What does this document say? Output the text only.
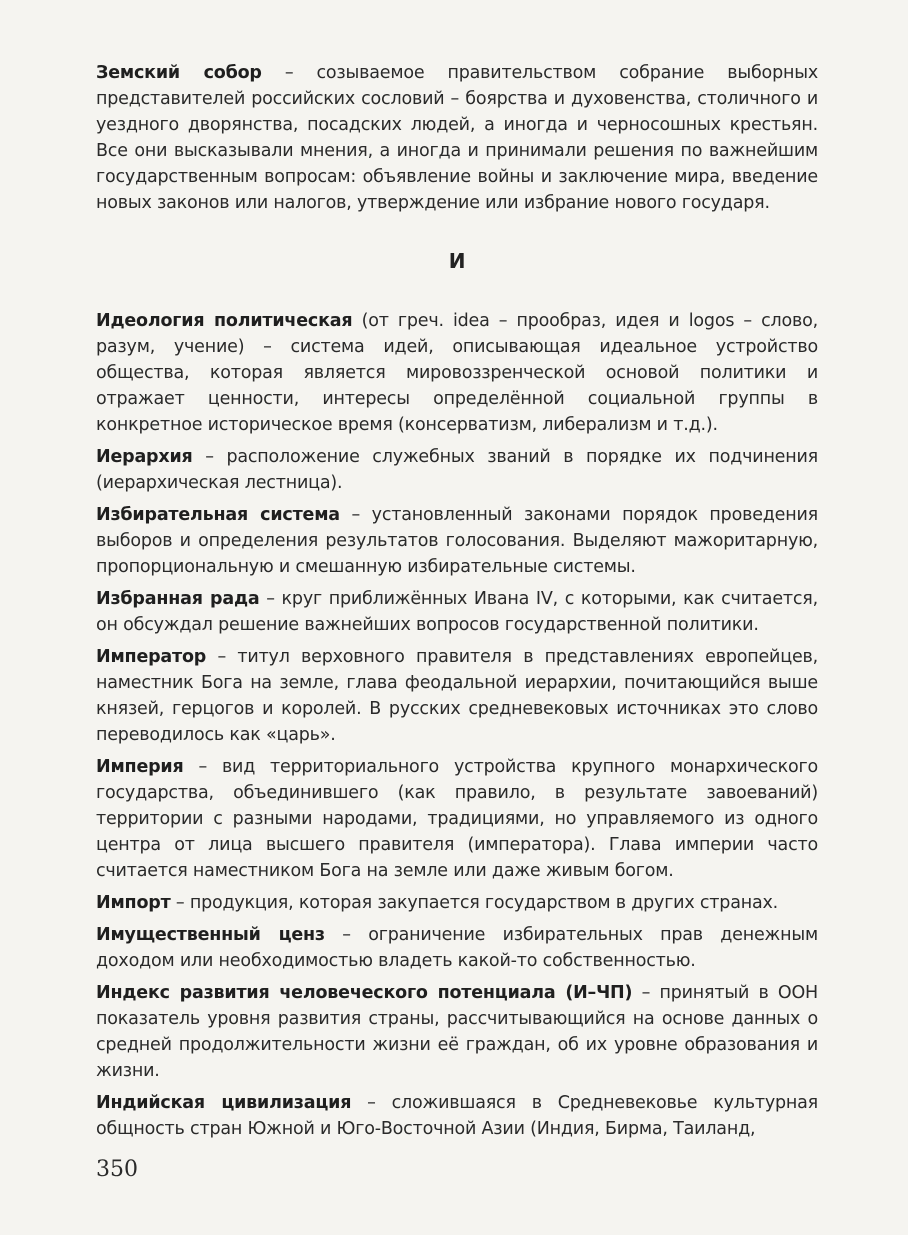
Земский собор – созываемое правительством собрание выборных представителей российских сословий – боярства и духовенства, столичного и уездного дворянства, посадских людей, а иногда и черносошных крестьян. Все они высказывали мнения, а иногда и принимали решения по важнейшим государственным вопросам: объявление войны и заключение мира, введение новых законов или налогов, утверждение или избрание нового государя.

И

Идеология политическая (от греч. idea – прообраз, идея и logos – слово, разум, учение) – система идей, описывающая идеальное устройство общества, которая является мировоззренческой основой политики и отражает ценности, интересы определённой социальной группы в конкретное историческое время (консерватизм, либерализм и т.д.).

Иерархия – расположение служебных званий в порядке их подчинения (иерархическая лестница).

Избирательная система – установленный законами порядок проведения выборов и определения результатов голосования. Выделяют мажоритарную, пропорциональную и смешанную избирательные системы.

Избранная рада – круг приближённых Ивана IV, с которыми, как считается, он обсуждал решение важнейших вопросов государственной политики.

Император – титул верховного правителя в представлениях европейцев, наместник Бога на земле, глава феодальной иерархии, почитающийся выше князей, герцогов и королей. В русских средневековых источниках это слово переводилось как «царь».

Империя – вид территориального устройства крупного монархического государства, объединившего (как правило, в результате завоеваний) территории с разными народами, традициями, но управляемого из одного центра от лица высшего правителя (императора). Глава империи часто считается наместником Бога на земле или даже живым богом.

Импорт – продукция, которая закупается государством в других странах.

Имущественный ценз – ограничение избирательных прав денежным доходом или необходимостью владеть какой-то собственностью.

Индекс развития человеческого потенциала (И–ЧП) – принятый в ООН показатель уровня развития страны, рассчитывающийся на основе данных о средней продолжительности жизни её граждан, об их уровне образования и жизни.

Индийская цивилизация – сложившаяся в Средневековье культурная общность стран Южной и Юго-Восточной Азии (Индия, Бирма, Таиланд,

350
